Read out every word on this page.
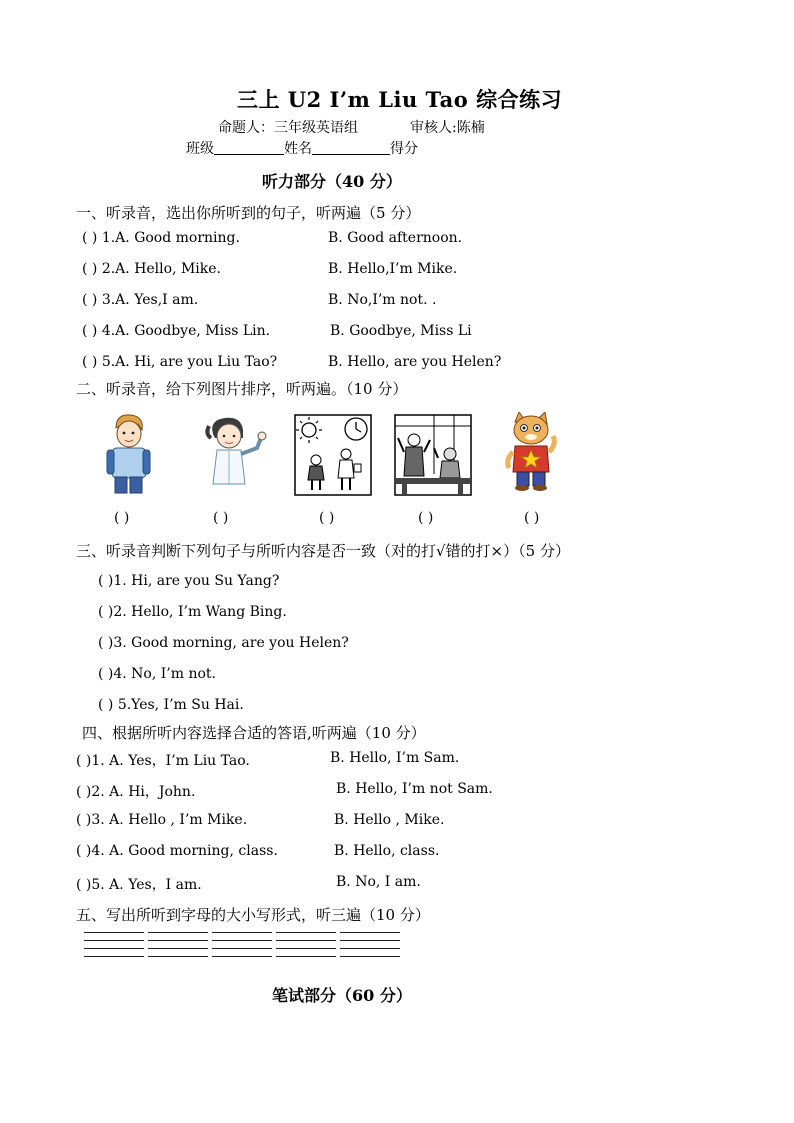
三上 U2 I’m Liu Tao 综合练习
命题人：三年级英语组	审核人:陈楠
班级	姓名	得分
听力部分（40 分）
一、听录音，选出你所听到的句子，听两遍（5 分）
( ) 1.A. Good morning.	B. Good afternoon.
( ) 2.A. Hello, Mike.	B. Hello,I’m Mike.
( ) 3.A. Yes,I am.	B. No,I’m not. .
( ) 4.A. Goodbye, Miss Lin.	B. Goodbye, Miss Li
( ) 5.A. Hi, are you Liu Tao?	B. Hello, are you Helen?
二、听录音，给下列图片排序，听两遍。（10 分）
( )	( )	( )	( )	( )
三、听录音判断下列句子与所听内容是否一致（对的打√错的打×）（5 分）
( )1. Hi, are you Su Yang?
( )2. Hello, I’m Wang Bing.
( )3. Good morning, are you Helen?
( )4. No, I’m not.
( ) 5.Yes, I’m Su Hai.
四、根据所听内容选择合适的答语,听两遍（10 分）
( )1. A. Yes，I’m Liu Tao.	B. Hello, I’m Sam.
( )2. A. Hi，John.	B. Hello, I’m not Sam.
( )3. A. Hello , I’m Mike.	B. Hello , Mike.
( )4. A. Good morning, class.	B. Hello, class.
( )5. A. Yes，I am.	B. No, I am.
五、写出所听到字母的大小写形式，听三遍（10 分）
笔试部分（60 分）
